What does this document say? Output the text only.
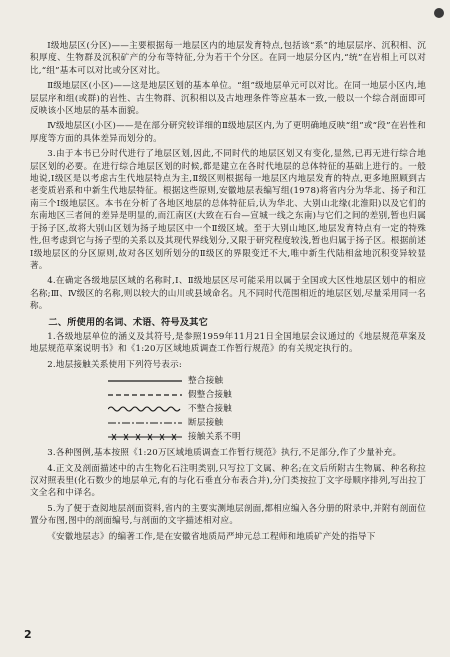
Ⅰ级地层区(分区)——主要根据每一地层区内的地层发育特点,包括该“系”的地层层序、沉积相、沉积厚度、生物群及沉积矿产的分布等特征,分为若干个分区。在同一地层分区内,“统”在岩相上可以对比,“组”基本可以对比或分区对比。

Ⅱ级地层区(小区)——这是地层区划的基本单位。“组”级地层单元可以对比。在同一地层小区内,地层层序和组(或群)的岩性、古生物群、沉积相以及古地理条件等应基本一致,一般以一个综合剖面即可反映该小区地层的基本面貌。

Ⅳ级地层区(小区)——是在部分研究较详细的Ⅱ级地层区内,为了更明确地反映“组”或“段”在岩性和厚度等方面的具体差异而划分的。

3.由于本书已分时代进行了地层区划,因此,不同时代的地层区划又有变化,显然,已再无进行综合地层区划的必要。在进行综合地层区划的时候,都是建立在各时代地层的总体特征的基础上进行的。一般地说,Ⅰ级区是以考虑古生代地层特点为主,Ⅱ级区则根据每一地层区内地层发育的特点,更多地照顾到古老变质岩系和中新生代地层特征。根据这些原则,安徽地层表编写组(1978)将省内分为华北、扬子和江南三个Ⅰ级地层区。本书在分析了各地区地层的总体特征后,认为华北、大别山北缘(北淮阳)以及它们的东南地区三者间的差异是明显的,而江南区(大致在石台—宣城一线之东南)与它们之间的差别,暂也归属于扬子区,故将大别山区划为扬子地层区中一个Ⅱ级区域。至于大别山地区,地层发育特点有一定的特殊性,但考虑到它与扬子型的关系以及其现代界线划分,又限于研究程度较浅,暂也归属于扬子区。根据前述Ⅰ级地层区的分区原则,故对各区划所划分的Ⅱ级区的界限变迁不大,唯中新生代陆相盆地沉积变异较显著。

4.在确定各级地层区域的名称时,Ⅰ、Ⅱ级地层区尽可能采用以属于全国或大区性地层区划中的相应名称;Ⅲ、Ⅳ级区的名称,则以较大的山川或县域命名。凡不同时代范围相近的地层区划,尽量采用同一名称。

二、所使用的名词、术语、符号及其它

1.各级地层单位的涵义及其符号,是参照1959年11月21日全国地层会议通过的《地层规范草案及地层规范草案说明书》和《1:20万区域地质调查工作暂行规范》的有关规定执行的。

2.地层接触关系使用下列符号表示:

整合接触
假整合接触
不整合接触
断层接触
接触关系不明

3.各种图例,基本按照《1:20万区域地质调查工作暂行规范》执行,不足部分,作了少量补充。

4.正文及剖面描述中的古生物化石注明类别,只写拉丁文属、种名;在文后所附古生物属、种名称拉汉对照表里(化石数少的地层单元,有的与化石垂直分布表合并),分门类按拉丁文字母顺序排列,写出拉丁文全名和中译名。

5.为了便于查阅地层剖面资料,省内的主要实测地层剖面,都相应编入各分册的附录中,并附有剖面位置分布图,图中的剖面编号,与剖面的文字描述相对应。

《安徽地层志》的编著工作,是在安徽省地质局严坤元总工程师和地质矿产处的指导下

2
